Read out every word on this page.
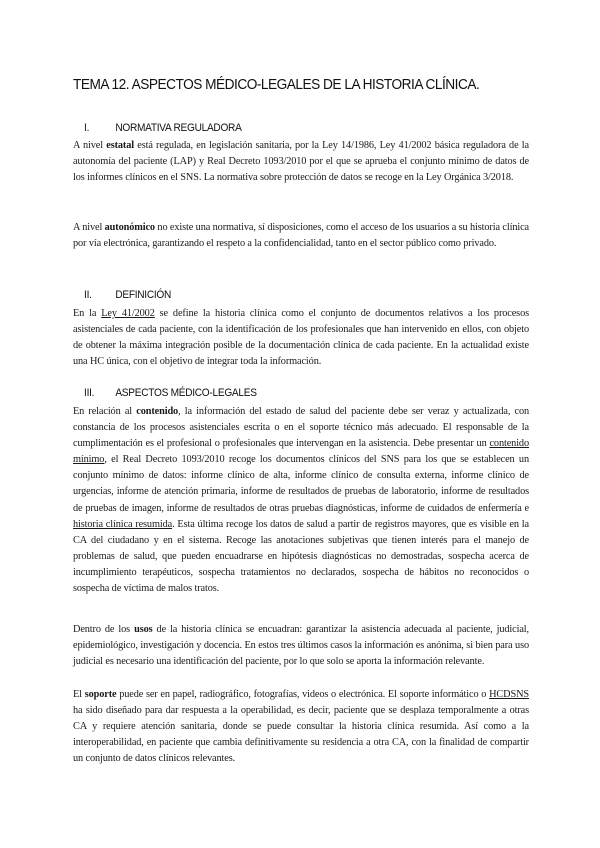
TEMA 12. ASPECTOS MÉDICO-LEGALES DE LA HISTORIA CLÍNICA.
I. NORMATIVA REGULADORA

A nivel estatal está regulada, en legislación sanitaria, por la Ley 14/1986, Ley 41/2002 básica reguladora de la autonomía del paciente (LAP) y Real Decreto 1093/2010 por el que se aprueba el conjunto mínimo de datos de los informes clínicos en el SNS. La normativa sobre protección de datos se recoge en la Ley Orgánica 3/2018.

A nivel autonómico no existe una normativa, sí disposiciones, como el acceso de los usuarios a su historia clínica por vía electrónica, garantizando el respeto a la confidencialidad, tanto en el sector público como privado.

II. DEFINICIÓN

En la Ley 41/2002 se define la historia clínica como el conjunto de documentos relativos a los procesos asistenciales de cada paciente, con la identificación de los profesionales que han intervenido en ellos, con objeto de obtener la máxima integración posible de la documentación clínica de cada paciente. En la actualidad existe una HC única, con el objetivo de integrar toda la información.

III. ASPECTOS MÉDICO-LEGALES

En relación al contenido, la información del estado de salud del paciente debe ser veraz y actualizada, con constancia de los procesos asistenciales escrita o en el soporte técnico más adecuado. El responsable de la cumplimentación es el profesional o profesionales que intervengan en la asistencia. Debe presentar un contenido mínimo, el Real Decreto 1093/2010 recoge los documentos clínicos del SNS para los que se establecen un conjunto mínimo de datos: informe clínico de alta, informe clínico de consulta externa, informe clínico de urgencias, informe de atención primaria, informe de resultados de pruebas de laboratorio, informe de resultados de pruebas de imagen, informe de resultados de otras pruebas diagnósticas, informe de cuidados de enfermería e historia clínica resumida. Esta última recoge los datos de salud a partir de registros mayores, que es visible en la CA del ciudadano y en el sistema. Recoge las anotaciones subjetivas que tienen interés para el manejo de problemas de salud, que pueden encuadrarse en hipótesis diagnósticas no demostradas, sospecha acerca de incumplimiento terapéuticos, sospecha tratamientos no declarados, sospecha de hábitos no reconocidos o sospecha de víctima de malos tratos.

Dentro de los usos de la historia clínica se encuadran: garantizar la asistencia adecuada al paciente, judicial, epidemiológico, investigación y docencia. En estos tres últimos casos la información es anónima, si bien para uso judicial es necesario una identificación del paciente, por lo que solo se aporta la información relevante.

El soporte puede ser en papel, radiográfico, fotografías, videos o electrónica. El soporte informático o HCDSNS ha sido diseñado para dar respuesta a la operabilidad, es decir, paciente que se desplaza temporalmente a otras CA y requiere atención sanitaria, donde se puede consultar la historia clínica resumida. Así como a la interoperabilidad, en paciente que cambia definitivamente su residencia a otra CA, con la finalidad de compartir un conjunto de datos clínicos relevantes.
